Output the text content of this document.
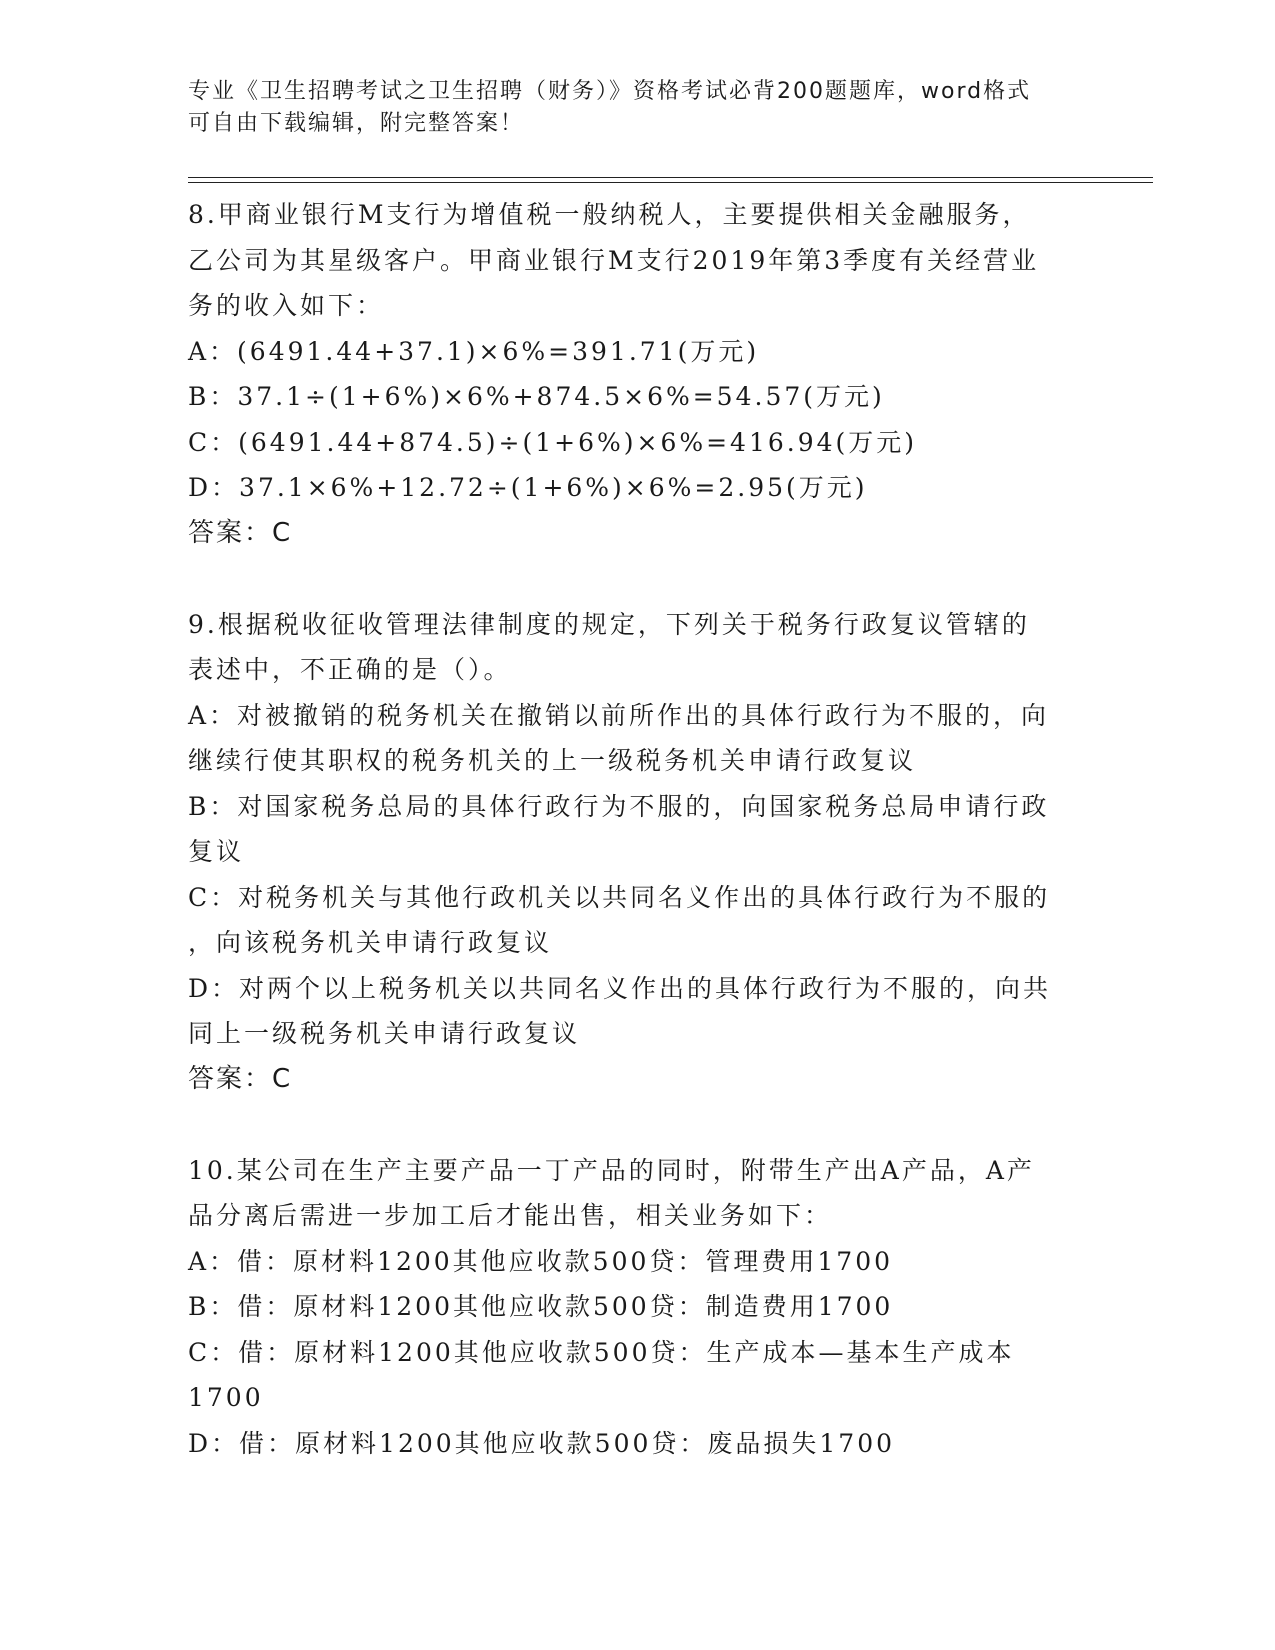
专业《卫生招聘考试之卫生招聘（财务）》资格考试必背200题题库，word格式

可自由下载编辑，附完整答案！

8.甲商业银行M支行为增值税一般纳税人，主要提供相关金融服务，

乙公司为其星级客户。甲商业银行M支行2019年第3季度有关经营业

务的收入如下：

A：(6491.44+37.1)×6%=391.71(万元)

B：37.1÷(1+6%)×6%+874.5×6%=54.57(万元)

C：(6491.44+874.5)÷(1+6%)×6%=416.94(万元)

D：37.1×6%+12.72÷(1+6%)×6%=2.95(万元)

答案：C

9.根据税收征收管理法律制度的规定，下列关于税务行政复议管辖的

表述中，不正确的是（）。

A：对被撤销的税务机关在撤销以前所作出的具体行政行为不服的，向

继续行使其职权的税务机关的上一级税务机关申请行政复议

B：对国家税务总局的具体行政行为不服的，向国家税务总局申请行政

复议

C：对税务机关与其他行政机关以共同名义作出的具体行政行为不服的

，向该税务机关申请行政复议

D：对两个以上税务机关以共同名义作出的具体行政行为不服的，向共

同上一级税务机关申请行政复议

答案：C

10.某公司在生产主要产品一丁产品的同时，附带生产出A产品，A产

品分离后需进一步加工后才能出售，相关业务如下：

A：借：原材料1200其他应收款500贷：管理费用1700

B：借：原材料1200其他应收款500贷：制造费用1700

C：借：原材料1200其他应收款500贷：生产成本—基本生产成本

1700

D：借：原材料1200其他应收款500贷：废品损失1700
